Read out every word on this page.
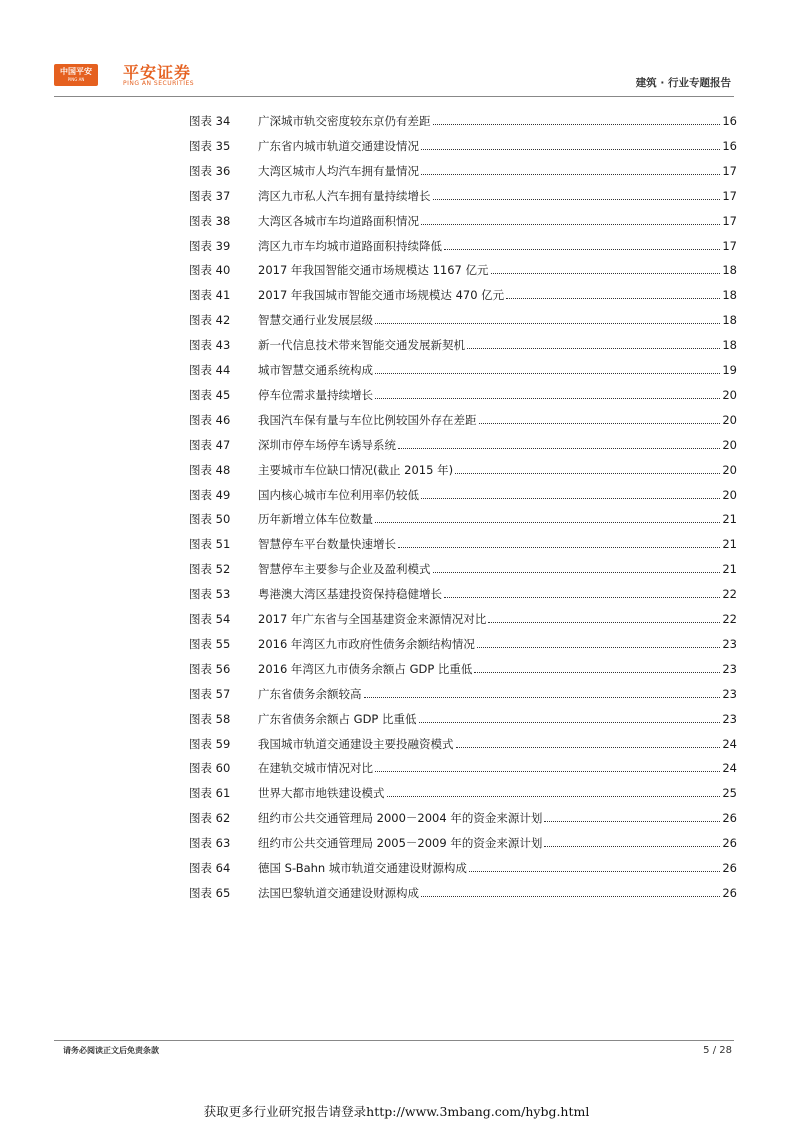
中国平安
PING AN	平安证券
PING AN SECURITIES	建筑 · 行业专题报告
图表 34 广深城市轨交密度较东京仍有差距	16
图表 35 广东省内城市轨道交通建设情况	16
图表 36 大湾区城市人均汽车拥有量情况	17
图表 37 湾区九市私人汽车拥有量持续增长	17
图表 38 大湾区各城市车均道路面积情况	17
图表 39 湾区九市车均城市道路面积持续降低	17
图表 40 2017 年我国智能交通市场规模达 1167 亿元	18
图表 41 2017 年我国城市智能交通市场规模达 470 亿元	18
图表 42 智慧交通行业发展层级	18
图表 43 新一代信息技术带来智能交通发展新契机	18
图表 44 城市智慧交通系统构成	19
图表 45 停车位需求量持续增长	20
图表 46 我国汽车保有量与车位比例较国外存在差距	20
图表 47 深圳市停车场停车诱导系统	20
图表 48 主要城市车位缺口情况(截止 2015 年)	20
图表 49 国内核心城市车位利用率仍较低	20
图表 50 历年新增立体车位数量	21
图表 51 智慧停车平台数量快速增长	21
图表 52 智慧停车主要参与企业及盈利模式	21
图表 53 粤港澳大湾区基建投资保持稳健增长	22
图表 54 2017 年广东省与全国基建资金来源情况对比	22
图表 55 2016 年湾区九市政府性债务余额结构情况	23
图表 56 2016 年湾区九市债务余额占 GDP 比重低	23
图表 57 广东省债务余额较高	23
图表 58 广东省债务余额占 GDP 比重低	23
图表 59 我国城市轨道交通建设主要投融资模式	24
图表 60 在建轨交城市情况对比	24
图表 61 世界大都市地铁建设模式	25
图表 62 纽约市公共交通管理局 2000－2004 年的资金来源计划	26
图表 63 纽约市公共交通管理局 2005－2009 年的资金来源计划	26
图表 64 德国 S-Bahn 城市轨道交通建设财源构成	26
图表 65 法国巴黎轨道交通建设财源构成	26
请务必阅读正文后免责条款	5 / 28
获取更多行业研究报告请登录http://www.3mbang.com/hybg.html
